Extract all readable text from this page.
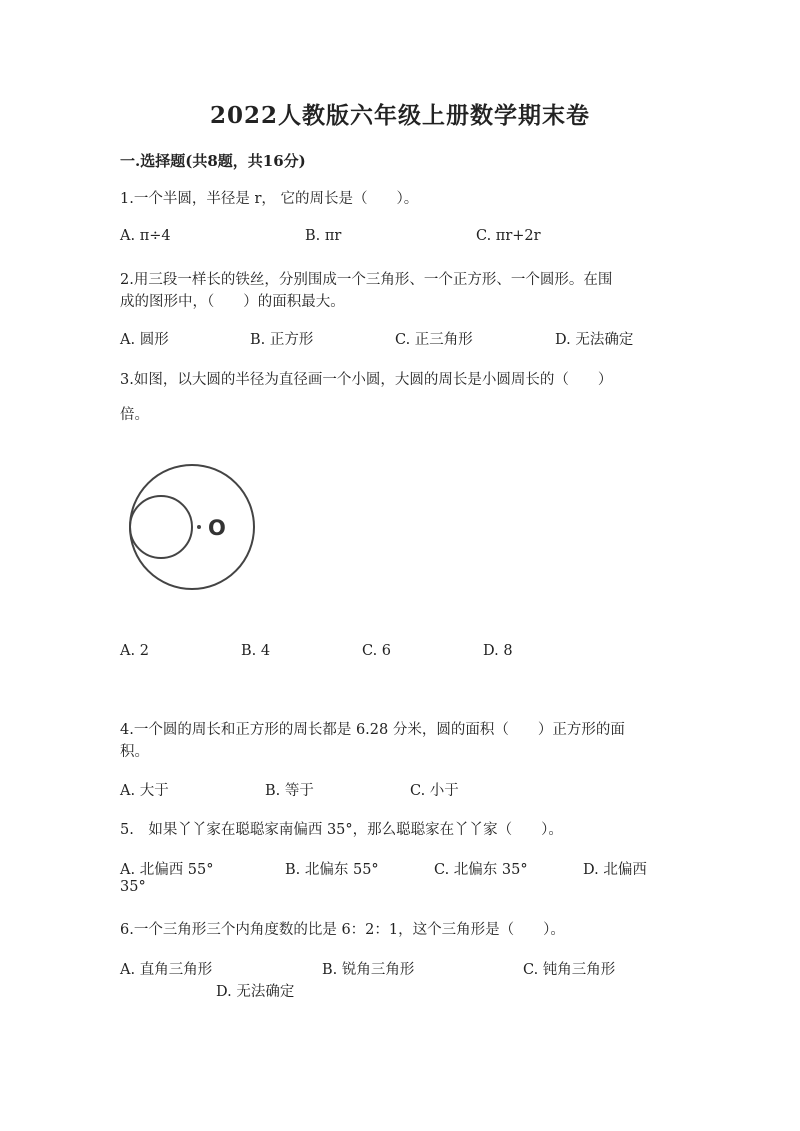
2022人教版六年级上册数学期末卷
一.选择题(共8题，共16分)
1.一个半圆，半径是 r， 它的周长是（　　）。
A. π÷4	B. πr	C. πr+2r
2.用三段一样长的铁丝，分别围成一个三角形、一个正方形、一个圆形。在围
成的图形中，（　　）的面积最大。
A. 圆形	B. 正方形	C. 正三角形	D. 无法确定
3.如图，以大圆的半径为直径画一个小圆，大圆的周长是小圆周长的（　　）
倍。
O
A. 2	B. 4	C. 6	D. 8
4.一个圆的周长和正方形的周长都是 6.28 分米，圆的面积（　　）正方形的面
积。
A. 大于	B. 等于	C. 小于
5.　如果丫丫家在聪聪家南偏西 35°，那么聪聪家在丫丫家（　　）。
A. 北偏西 55°	B. 北偏东 55°	C. 北偏东 35°	D. 北偏西
35°
6.一个三角形三个内角度数的比是 6：2：1，这个三角形是（　　）。
A. 直角三角形	B. 锐角三角形	C. 钝角三角形
D. 无法确定
